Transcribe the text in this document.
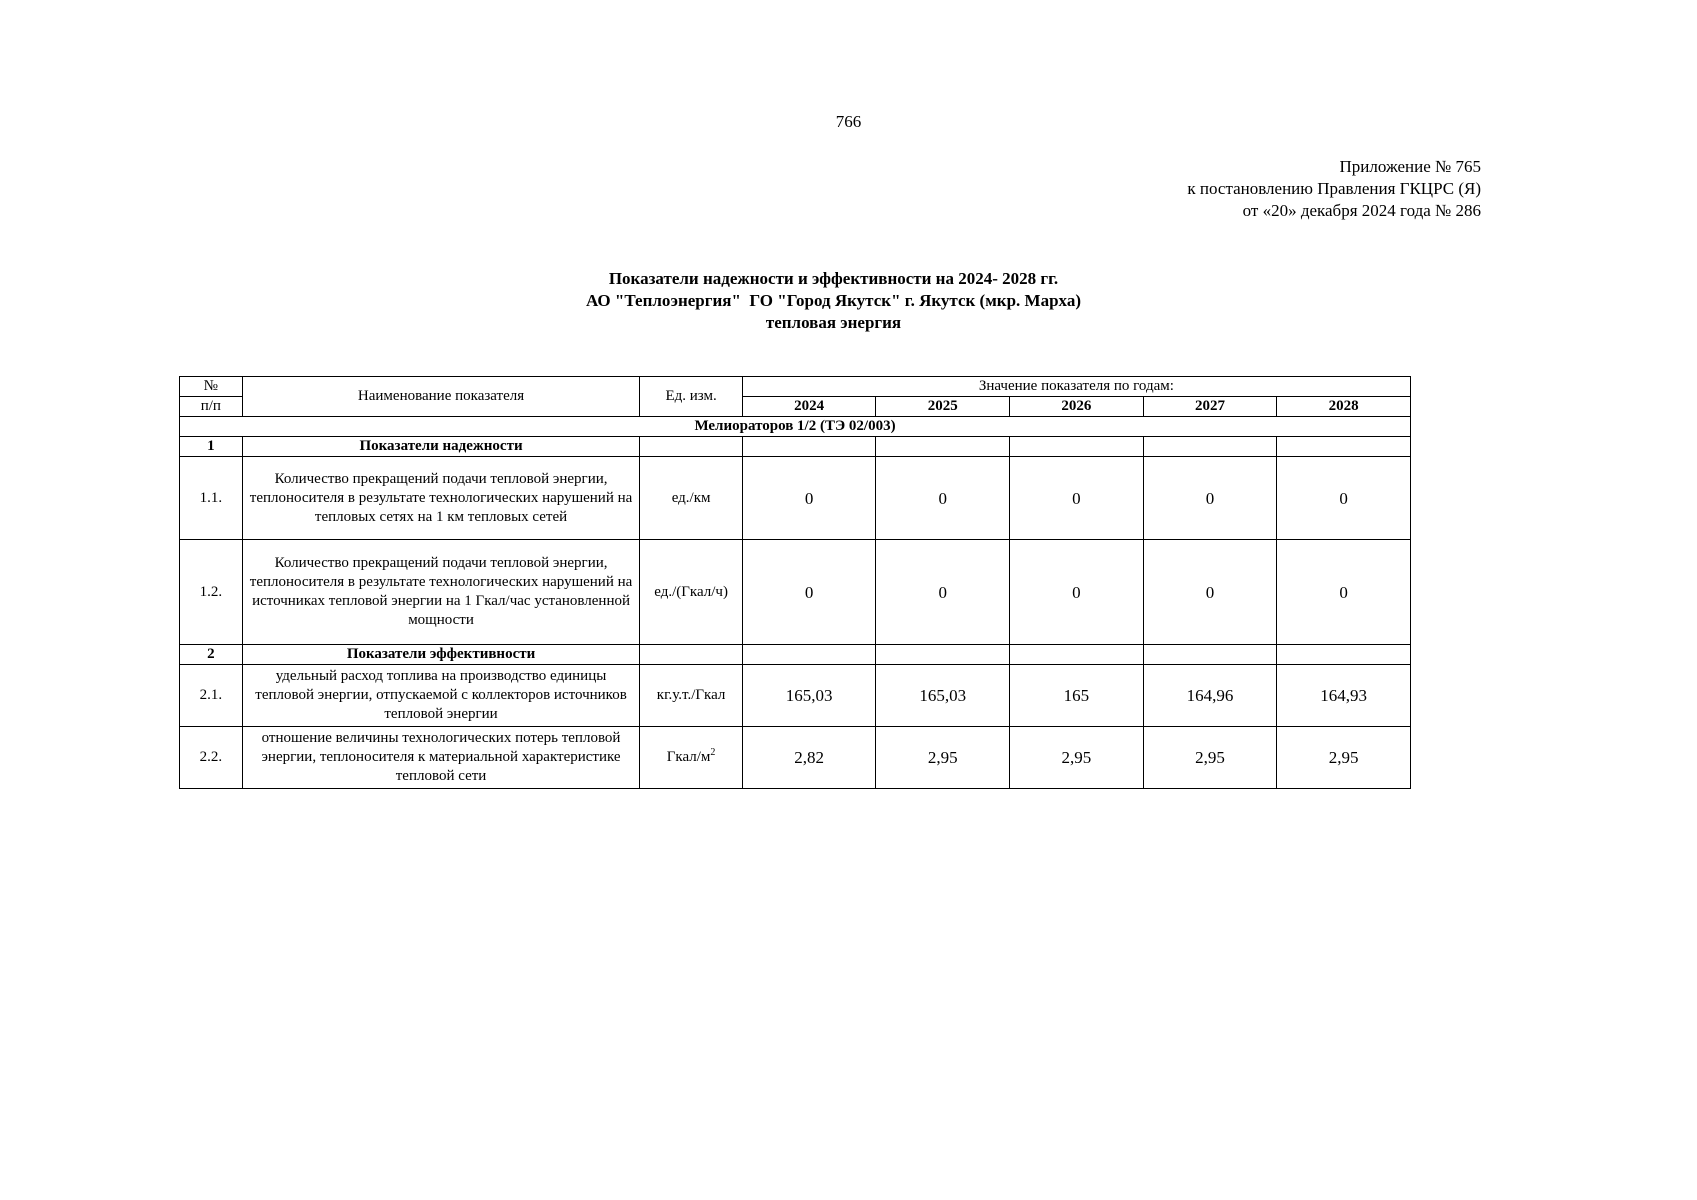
766
Приложение № 765
к постановлению Правления ГКЦРС (Я)
от «20» декабря 2024 года № 286
Показатели надежности и эффективности на 2024- 2028 гг.
АО "Теплоэнергия"  ГО "Город Якутск" г. Якутск (мкр. Марха)
тепловая энергия
№	Наименование показателя	Ед. изм.	Значение показателя по годам:				
п/п			2024	2025	2026	2027	2028
Мелиораторов 1/2 (ТЭ 02/003)							
1	Показатели надежности						
1.1.	Количество прекращений подачи тепловой энергии, теплоносителя в результате технологических нарушений на тепловых сетях на 1 км тепловых сетей	ед./км	0	0	0	0	0
1.2.	Количество прекращений подачи тепловой энергии, теплоносителя в результате технологических нарушений на источниках тепловой энергии на 1 Гкал/час установленной мощности	ед./(Гкал/ч)	0	0	0	0	0
2	Показатели эффективности						
2.1.	удельный расход топлива на производство единицы тепловой энергии, отпускаемой с коллекторов источников тепловой энергии	кг.у.т./Гкал	165,03	165,03	165	164,96	164,93
2.2.	отношение величины технологических потерь тепловой энергии, теплоносителя к материальной характеристике тепловой сети	Гкал/$м^2$	2,82	2,95	2,95	2,95	2,95
